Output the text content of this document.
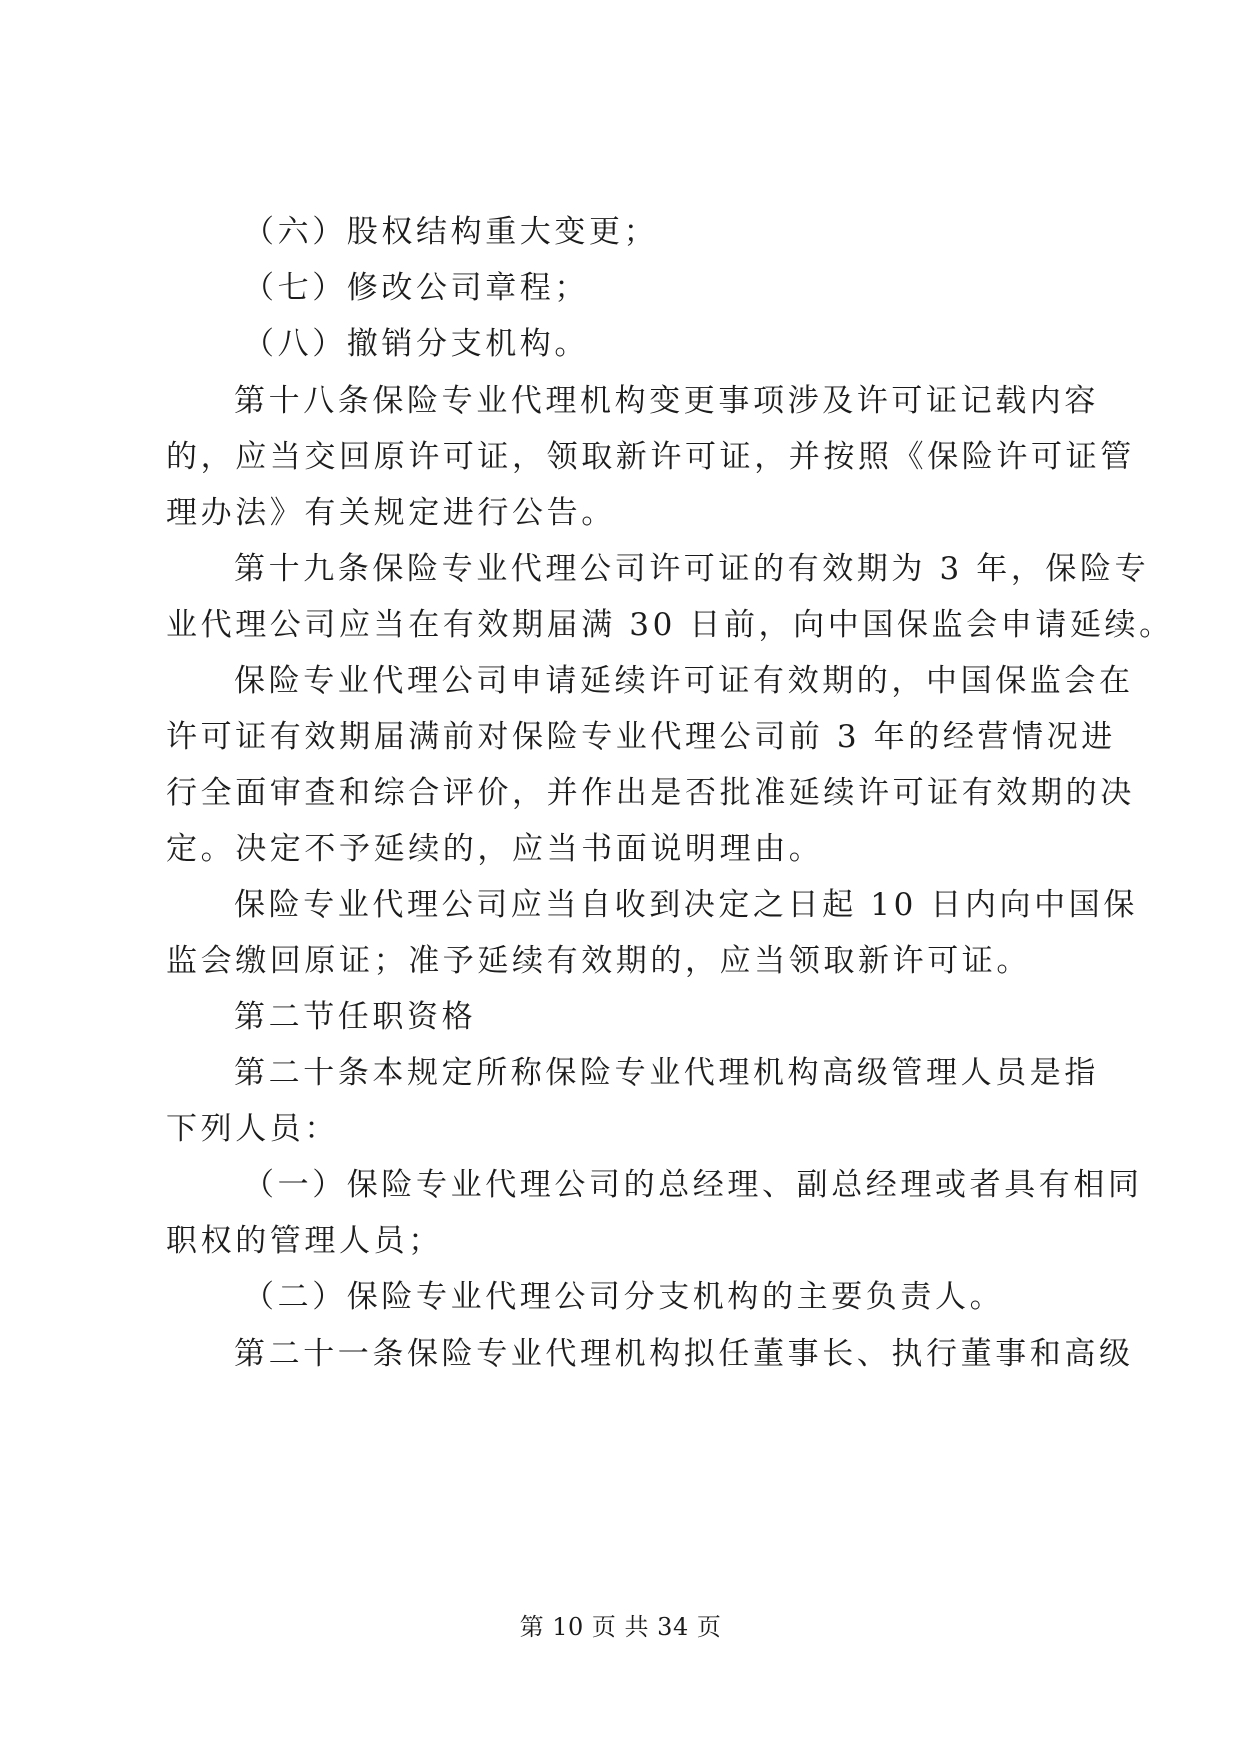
（六）股权结构重大变更；
（七）修改公司章程；
（八）撤销分支机构。
第十八条保险专业代理机构变更事项涉及许可证记载内容
的，应当交回原许可证，领取新许可证，并按照《保险许可证管
理办法》有关规定进行公告。
第十九条保险专业代理公司许可证的有效期为 3 年，保险专
业代理公司应当在有效期届满 30 日前，向中国保监会申请延续。
保险专业代理公司申请延续许可证有效期的，中国保监会在
许可证有效期届满前对保险专业代理公司前 3 年的经营情况进
行全面审查和综合评价，并作出是否批准延续许可证有效期的决
定。决定不予延续的，应当书面说明理由。
保险专业代理公司应当自收到决定之日起 10 日内向中国保
监会缴回原证；准予延续有效期的，应当领取新许可证。
第二节任职资格
第二十条本规定所称保险专业代理机构高级管理人员是指
下列人员：
（一）保险专业代理公司的总经理、副总经理或者具有相同
职权的管理人员；
（二）保险专业代理公司分支机构的主要负责人。
第二十一条保险专业代理机构拟任董事长、执行董事和高级
第 10 页 共 34 页
